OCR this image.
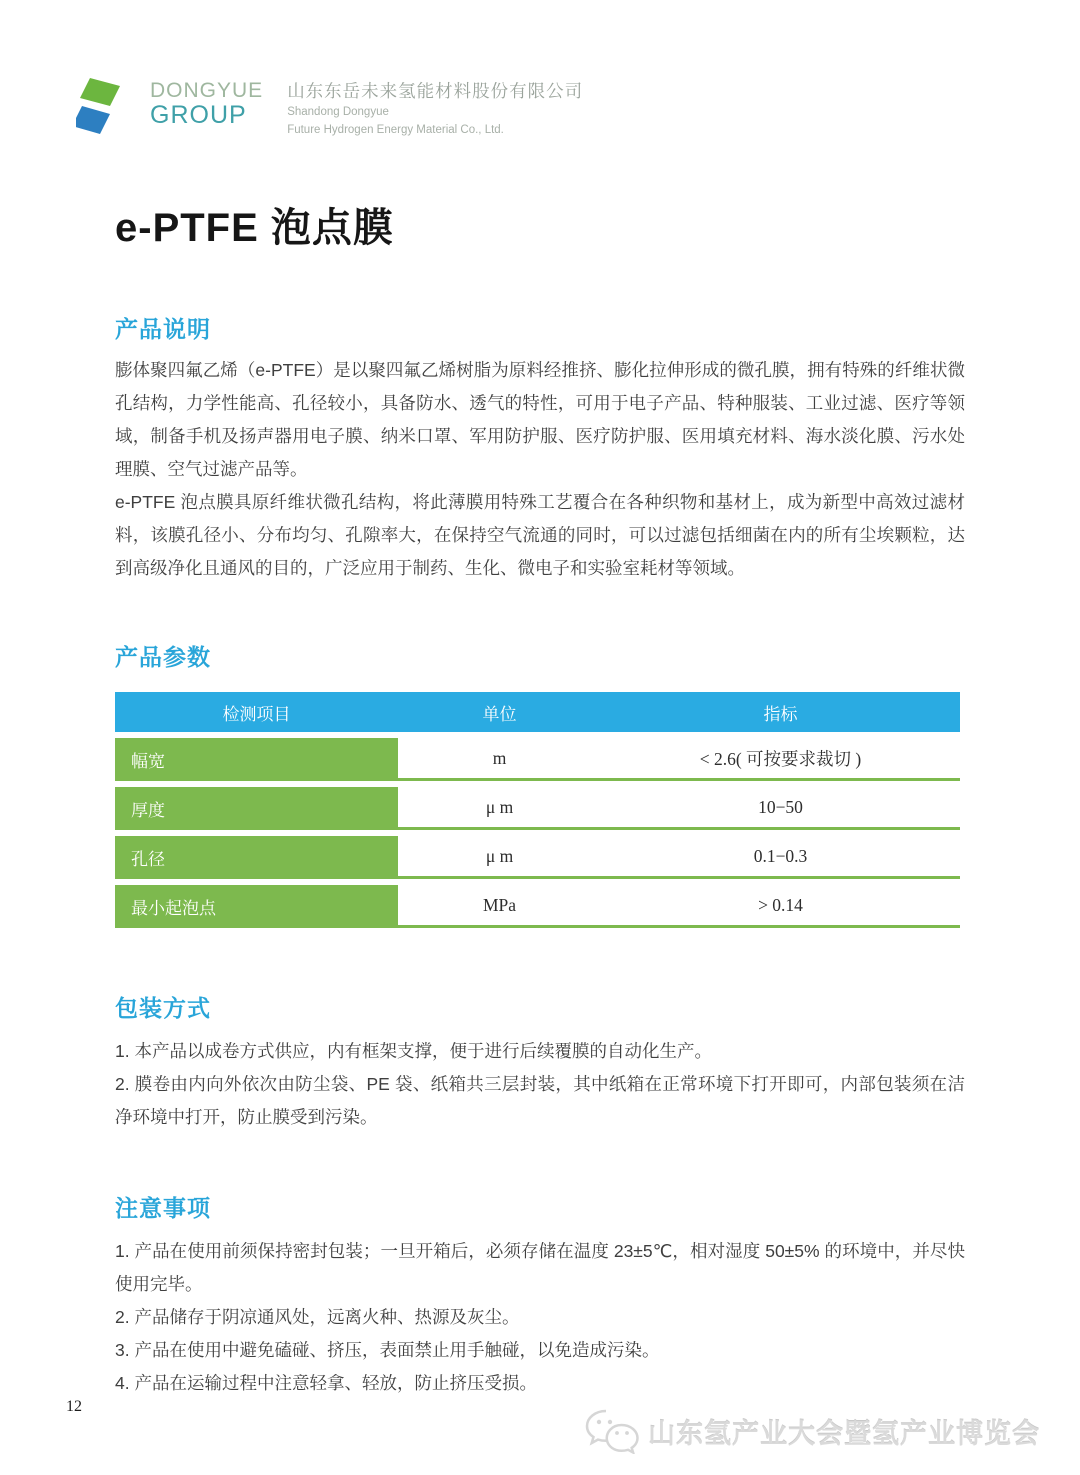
DONGYUE
GROUP
山东东岳未来氢能材料股份有限公司
Shandong Dongyue
Future Hydrogen Energy Material Co., Ltd.
e-PTFE 泡点膜
产品说明

膨体聚四氟乙烯（e-PTFE）是以聚四氟乙烯树脂为原料经推挤、膨化拉伸形成的微孔膜，拥有特殊的纤维状微孔结构，力学性能高、孔径较小，具备防水、透气的特性，可用于电子产品、特种服装、工业过滤、医疗等领域，制备手机及扬声器用电子膜、纳米口罩、军用防护服、医疗防护服、医用填充材料、海水淡化膜、污水处理膜、空气过滤产品等。

e-PTFE 泡点膜具原纤维状微孔结构，将此薄膜用特殊工艺覆合在各种织物和基材上，成为新型中高效过滤材料，该膜孔径小、分布均匀、孔隙率大，在保持空气流通的同时，可以过滤包括细菌在内的所有尘埃颗粒，达到高级净化且通风的目的，广泛应用于制药、生化、微电子和实验室耗材等领域。

产品参数
检测项目	单位	指标
幅宽	m	< 2.6( 可按要求裁切 )
厚度	μ m	10−50
孔径	μ m	0.1−0.3
最小起泡点	MPa	> 0.14
包装方式

1. 本产品以成卷方式供应，内有框架支撑，便于进行后续覆膜的自动化生产。

2. 膜卷由内向外依次由防尘袋、PE 袋、纸箱共三层封装，其中纸箱在正常环境下打开即可，内部包装须在洁净环境中打开，防止膜受到污染。

注意事项

1. 产品在使用前须保持密封包装；一旦开箱后，必须存储在温度 23±5℃，相对湿度 50±5% 的环境中，并尽快使用完毕。

2. 产品储存于阴凉通风处，远离火种、热源及灰尘。

3. 产品在使用中避免磕碰、挤压，表面禁止用手触碰，以免造成污染。

4. 产品在运输过程中注意轻拿、轻放，防止挤压受损。

12
山东氢产业大会暨氢产业博览会
